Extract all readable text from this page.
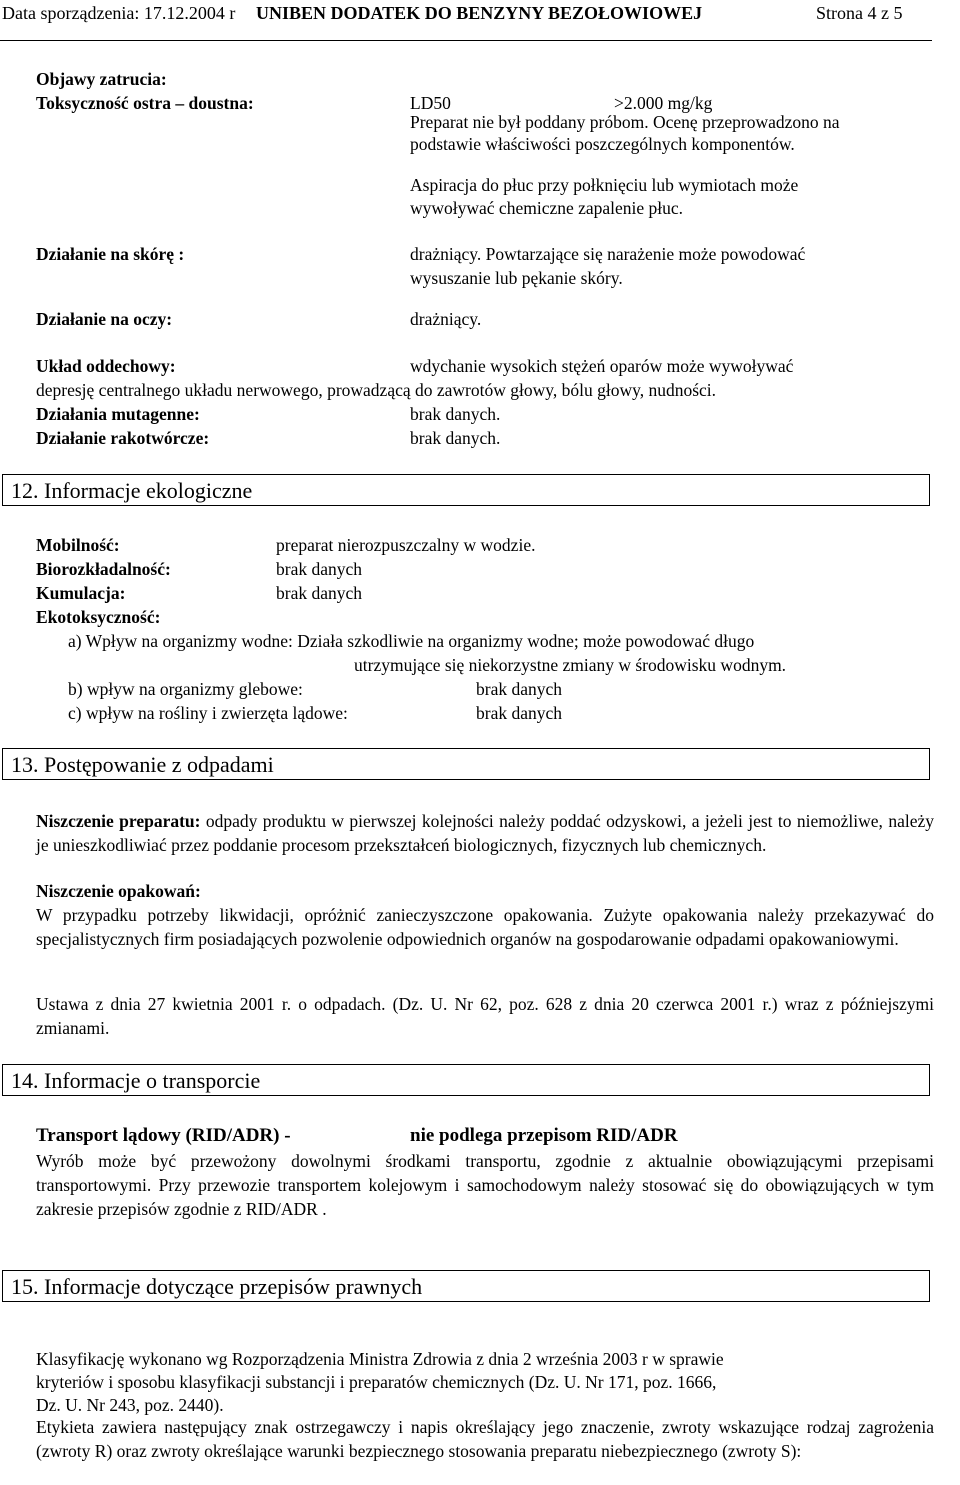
Data sporządzenia: 17.12.2004 r UNIBEN DODATEK DO BENZYNY BEZOŁOWIOWEJ	Strona 4 z 5
Objawy zatrucia:
Toksyczność ostra – doustna:	LD50	>2.000 mg/kg
Preparat nie był poddany próbom. Ocenę przeprowadzono na
podstawie właściwości poszczególnych komponentów.
Aspiracja do płuc przy połknięciu lub wymiotach może
wywoływać chemiczne zapalenie płuc.
Działanie na skórę :	drażniący. Powtarzające się narażenie może powodować
wysuszanie lub pękanie skóry.
Działanie na oczy:	drażniący.
Układ oddechowy:	wdychanie wysokich stężeń oparów może wywoływać
depresję centralnego układu nerwowego, prowadzącą do zawrotów głowy, bólu głowy, nudności.
Działania mutagenne:	brak danych.
Działanie rakotwórcze:	brak danych.
12. Informacje ekologiczne
Mobilność:	preparat nierozpuszczalny w wodzie.
Biorozkładalność:	brak danych
Kumulacja:	brak danych
Ekotoksyczność:
a) Wpływ na organizmy wodne: Działa szkodliwie na organizmy wodne; może powodować długo
utrzymujące się niekorzystne zmiany w środowisku wodnym.
b) wpływ na organizmy glebowe:	brak danych
c) wpływ na rośliny i zwierzęta lądowe:	brak danych
13. Postępowanie z odpadami
Niszczenie preparatu: odpady produktu w pierwszej kolejności należy poddać odzyskowi, a jeżeli jest to niemożliwe, należy je unieszkodliwiać przez poddanie procesom przekształceń biologicznych, fizycznych lub chemicznych.
Niszczenie opakowań:
W przypadku potrzeby likwidacji, opróżnić zanieczyszczone opakowania. Zużyte opakowania należy przekazywać do specjalistycznych firm posiadających pozwolenie odpowiednich organów na gospodarowanie odpadami opakowaniowymi.
Ustawa z dnia 27 kwietnia 2001 r. o odpadach. (Dz. U. Nr 62, poz. 628 z dnia 20 czerwca 2001 r.) wraz z późniejszymi zmianami.
14. Informacje o transporcie
Transport lądowy (RID/ADR) -	nie podlega przepisom RID/ADR
Wyrób może być przewożony dowolnymi środkami transportu, zgodnie z aktualnie obowiązującymi przepisami transportowymi. Przy przewozie transportem kolejowym i samochodowym należy stosować się do obowiązujących w tym zakresie przepisów zgodnie z RID/ADR .
15. Informacje dotyczące przepisów prawnych
Klasyfikację wykonano wg Rozporządzenia Ministra Zdrowia z dnia 2 września 2003 r w sprawie
kryteriów i sposobu klasyfikacji substancji i preparatów chemicznych (Dz. U. Nr 171, poz. 1666,
Dz. U. Nr 243, poz. 2440).
Etykieta zawiera następujący znak ostrzegawczy i napis określający jego znaczenie, zwroty wskazujące rodzaj zagrożenia (zwroty R) oraz zwroty określające warunki bezpiecznego stosowania preparatu niebezpiecznego (zwroty S):
